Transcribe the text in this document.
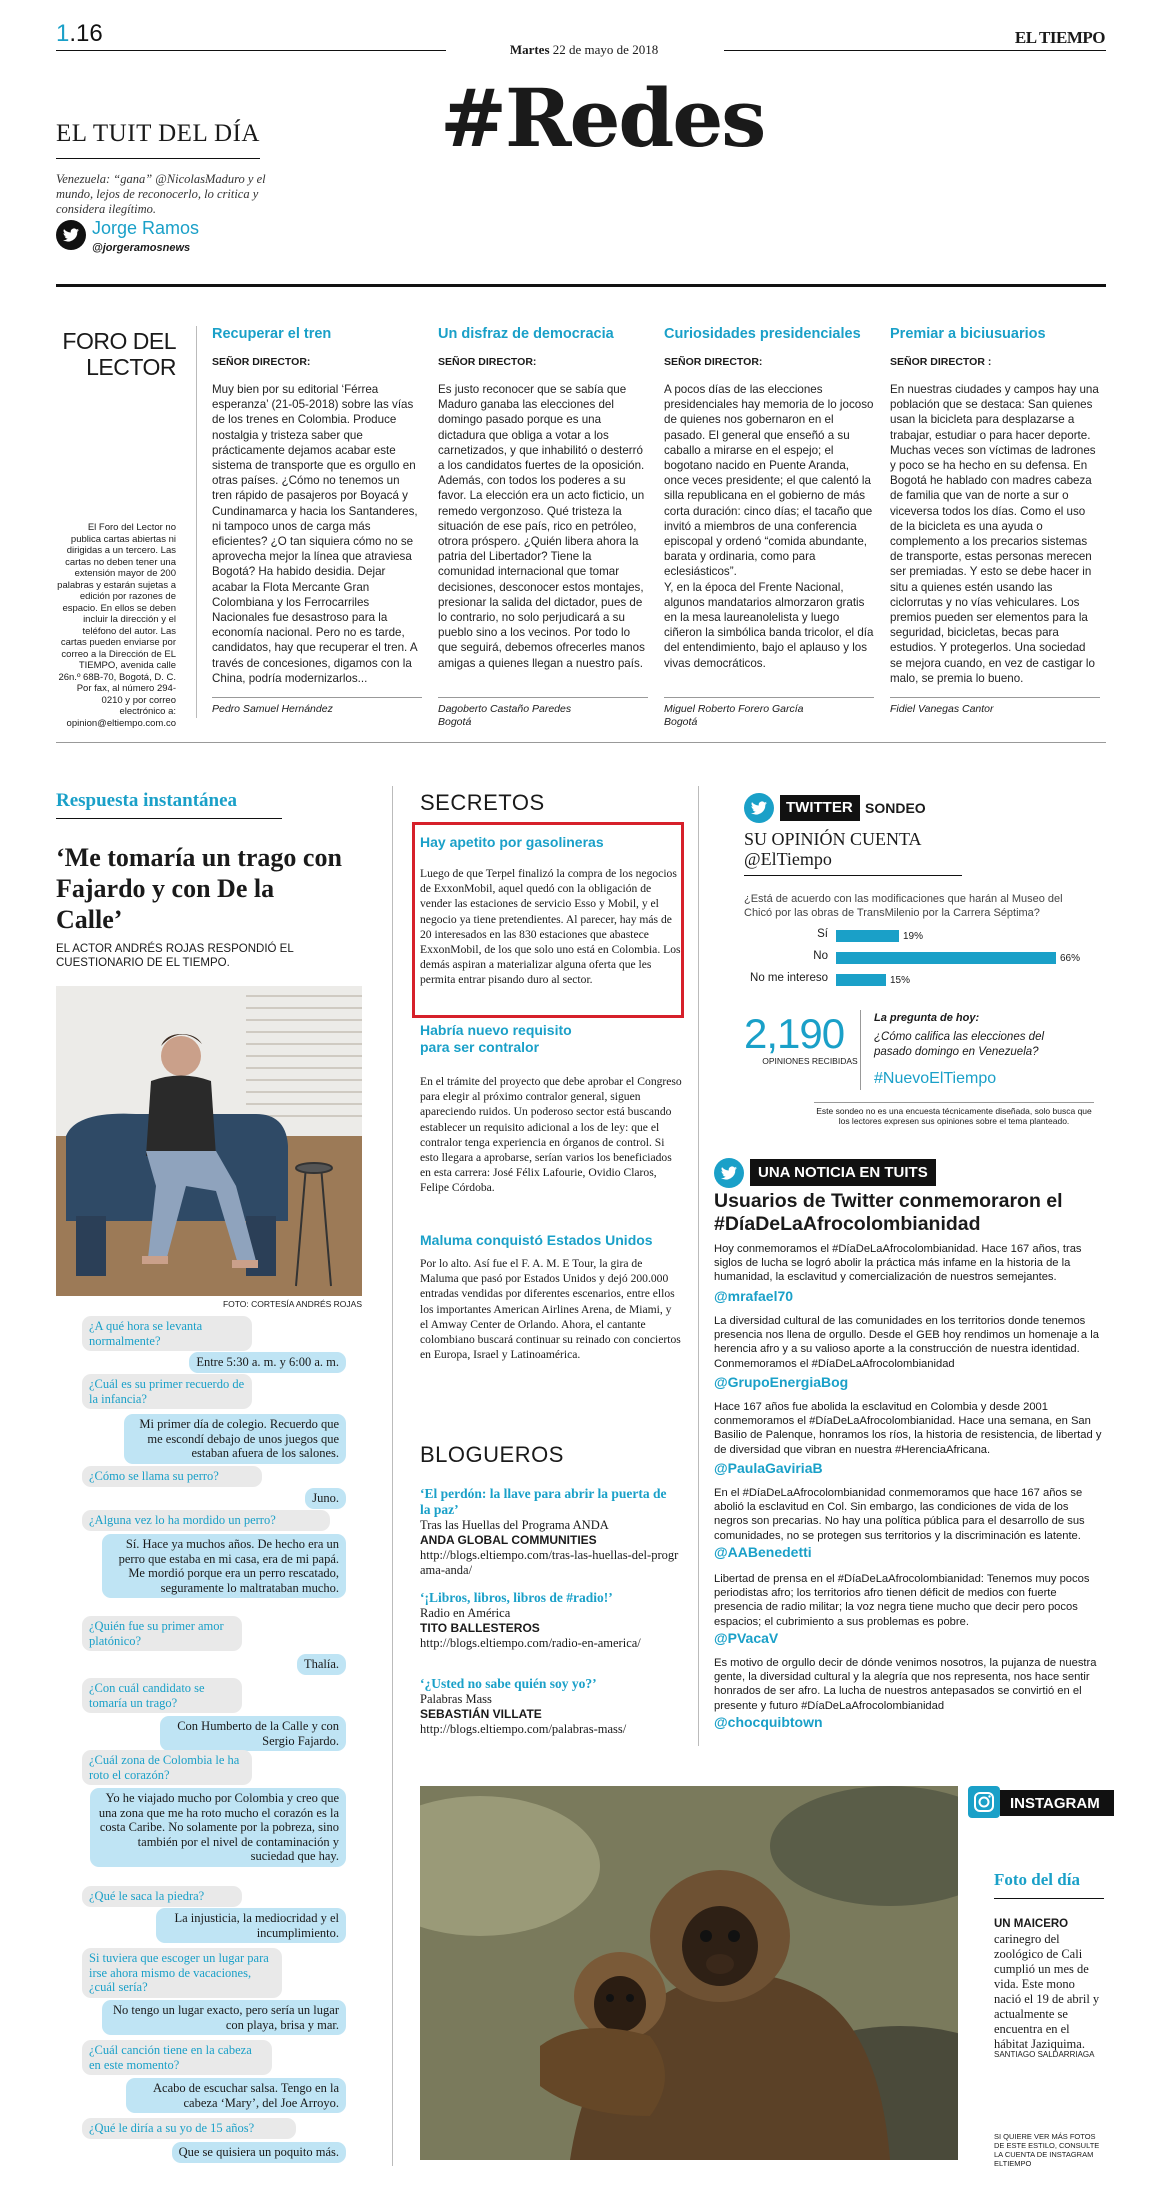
1.16
Martes 22 de mayo de 2018
EL TIEMPO
#Redes
EL TUIT DEL DÍA
Venezuela: “gana” @NicolasMaduro y el mundo, lejos de reconocerlo, lo critica y considera ilegítimo.
Jorge Ramos
@jorgeramosnews
FORO DEL
LECTOR
El Foro del Lector no publica cartas abiertas ni dirigidas a un tercero. Las cartas no deben tener una extensión mayor de 200 palabras y estarán sujetas a edición por razones de espacio. En ellos se deben incluir la dirección y el teléfono del autor. Las cartas pueden enviarse por correo a la Dirección de EL TIEMPO, avenida calle 26n.º 68B-70, Bogotá, D. C. Por fax, al número 294-0210 y por correo electrónico a: opinion@eltiempo.com.co
Recuperar el tren
SEÑOR DIRECTOR:

Muy bien por su editorial ‘Férrea esperanza’ (21-05-2018) sobre las vías de los trenes en Colombia. Produce nostalgia y tristeza saber que prácticamente dejamos acabar este sistema de transporte que es orgullo en otras países. ¿Cómo no tenemos un tren rápido de pasajeros por Boyacá y Cundinamarca y hacia los Santanderes, ni tampoco unos de carga más eficientes? ¿O tan siquiera cómo no se aprovecha mejor la línea que atraviesa Bogotá? Ha habido desidia. Dejar acabar la Flota Mercante Gran Colombiana y los Ferrocarriles Nacionales fue desastroso para la economía nacional. Pero no es tarde, candidatos, hay que recuperar el tren. A través de concesiones, digamos con la China, podría modernizarlos...

Pedro Samuel Hernández
Un disfraz de democracia
SEÑOR DIRECTOR:

Es justo reconocer que se sabía que Maduro ganaba las elecciones del domingo pasado porque es una dictadura que obliga a votar a los carnetizados, y que inhabilitó o desterró a los candidatos fuertes de la oposición. Además, con todos los poderes a su favor. La elección era un acto ficticio, un remedo vergonzoso. Qué tristeza la situación de ese país, rico en petróleo, otrora próspero. ¿Quién libera ahora la patria del Libertador? Tiene la comunidad internacional que tomar decisiones, desconocer estos montajes, presionar la salida del dictador, pues de lo contrario, no solo perjudicará a su pueblo sino a los vecinos. Por todo lo que seguirá, debemos ofrecerles manos amigas a quienes llegan a nuestro país.

Dagoberto Castaño Paredes
Bogotá
Curiosidades presidenciales
SEÑOR DIRECTOR:

A pocos días de las elecciones presidenciales hay memoria de lo jocoso de quienes nos gobernaron en el pasado. El general que enseñó a su caballo a mirarse en el espejo; el bogotano nacido en Puente Aranda, once veces presidente; el que calentó la silla republicana en el gobierno de más corta duración: cinco días; el tacaño que invitó a miembros de una conferencia episcopal y ordenó “comida abundante, barata y ordinaria, como para eclesiásticos”.
Y, en la época del Frente Nacional, algunos mandatarios almorzaron gratis en la mesa laureanolelista y luego ciñeron la simbólica banda tricolor, el día del entendimiento, bajo el aplauso y los vivas democráticos.

Miguel Roberto Forero García
Bogotá
Premiar a biciusuarios
SEÑOR DIRECTOR :

En nuestras ciudades y campos hay una población que se destaca: San quienes usan la bicicleta para desplazarse a trabajar, estudiar o para hacer deporte. Muchas veces son víctimas de ladrones y poco se ha hecho en su defensa. En Bogotá he hablado con madres cabeza de familia que van de norte a sur o viceversa todos los días. Como el uso de la bicicleta es una ayuda o complemento a los precarios sistemas de transporte, estas personas merecen ser premiadas. Y esto se debe hacer in situ a quienes estén usando las ciclorrutas y no vías vehiculares. Los premios pueden ser elementos para la seguridad, bicicletas, becas para estudios. Y protegerlos. Una sociedad se mejora cuando, en vez de castigar lo malo, se premia lo bueno.

Fidiel Vanegas Cantor
Respuesta instantánea
‘Me tomaría un trago con Fajardo y con De la Calle’
EL ACTOR ANDRÉS ROJAS RESPONDIÓ EL CUESTIONARIO DE EL TIEMPO.
FOTO: CORTESÍA ANDRÉS ROJAS
¿A qué hora se levanta normalmente?
Entre 5:30 a. m. y 6:00 a. m.
¿Cuál es su primer recuerdo de la infancia?
Mi primer día de colegio. Recuerdo que me escondí debajo de unos juegos que estaban afuera de los salones.
¿Cómo se llama su perro?
Juno.
¿Alguna vez lo ha mordido un perro?
Sí. Hace ya muchos años. De hecho era un perro que estaba en mi casa, era de mi papá. Me mordió porque era un perro rescatado, seguramente lo maltrataban mucho.
¿Quién fue su primer amor platónico?
Thalía.
¿Con cuál candidato se tomaría un trago?
Con Humberto de la Calle y con Sergio Fajardo.
¿Cuál zona de Colombia le ha roto el corazón?
Yo he viajado mucho por Colombia y creo que una zona que me ha roto mucho el corazón es la costa Caribe. No solamente por la pobreza, sino también por el nivel de contaminación y suciedad que hay.
¿Qué le saca la piedra?
La injusticia, la mediocridad y el incumplimiento.
Si tuviera que escoger un lugar para irse ahora mismo de vacaciones, ¿cuál sería?
No tengo un lugar exacto, pero sería un lugar con playa, brisa y mar.
¿Cuál canción tiene en la cabeza en este momento?
Acabo de escuchar salsa. Tengo en la cabeza ‘Mary’, del Joe Arroyo.
¿Qué le diría a su yo de 15 años?
Que se quisiera un poquito más.
SECRETOS
Hay apetito por gasolineras
Luego de que Terpel finalizó la compra de los negocios de ExxonMobil, aquel quedó con la obligación de vender las estaciones de servicio Esso y Mobil, y el negocio ya tiene pretendientes. Al parecer, hay más de 20 interesados en las 830 estaciones que abastece ExxonMobil, de los que solo uno está en Colombia. Los demás aspiran a materializar alguna oferta que les permita entrar pisando duro al sector.
Habría nuevo requisito para ser contralor
En el trámite del proyecto que debe aprobar el Congreso para elegir al próximo contralor general, siguen apareciendo ruidos. Un poderoso sector está buscando establecer un requisito adicional a los de ley: que el contralor tenga experiencia en órganos de control. Si esto llegara a aprobarse, serían varios los beneficiados en esta carrera: José Félix Lafourie, Ovidio Claros, Felipe Córdoba.
Maluma conquistó Estados Unidos
Por lo alto. Así fue el F. A. M. E Tour, la gira de Maluma que pasó por Estados Unidos y dejó 200.000 entradas vendidas por diferentes escenarios, entre ellos los importantes American Airlines Arena, de Miami, y el Amway Center de Orlando. Ahora, el cantante colombiano buscará continuar su reinado con conciertos en Europa, Israel y Latinoamérica.
BLOGUEROS
‘El perdón: la llave para abrir la puerta de la paz’
Tras las Huellas del Programa ANDA
ANDA GLOBAL COMMUNITIES
http://blogs.eltiempo.com/tras-las-huellas-del-programa-anda/
‘¡Libros, libros, libros de #radio!’
Radio en América
TITO BALLESTEROS
http://blogs.eltiempo.com/radio-en-america/
‘¿Usted no sabe quién soy yo?’
Palabras Mass
SEBASTIÁN VILLATE
http://blogs.eltiempo.com/palabras-mass/
TWITTER SONDEO
SU OPINIÓN CUENTA
@ElTiempo
¿Está de acuerdo con las modificaciones que harán al Museo del Chicó por las obras de TransMilenio por la Carrera Séptima?
Sí	19%
No	66%
No me intereso	15%
2,190
OPINIONES RECIBIDAS
La pregunta de hoy:
¿Cómo califica las elecciones del pasado domingo en Venezuela?
#NuevoElTiempo
Este sondeo no es una encuesta técnicamente diseñada, solo busca que los lectores expresen sus opiniones sobre el tema planteado.
UNA NOTICIA EN TUITS
Usuarios de Twitter conmemoraron el #DíaDeLaAfrocolombianidad
Hoy conmemoramos el #DíaDeLaAfrocolombianidad. Hace 167 años, tras siglos de lucha se logró abolir la práctica más infame en la historia de la humanidad, la esclavitud y comercialización de nuestros semejantes.
@mrafael70
La diversidad cultural de las comunidades en los territorios donde tenemos presencia nos llena de orgullo. Desde el GEB hoy rendimos un homenaje a la herencia afro y a su valioso aporte a la construcción de nuestra identidad. Conmemoramos el #DíaDeLaAfrocolombianidad
@GrupoEnergiaBog
Hace 167 años fue abolida la esclavitud en Colombia y desde 2001 conmemoramos el #DíaDeLaAfrocolombianidad. Hace una semana, en San Basilio de Palenque, honramos los ríos, la historia de resistencia, de libertad y de diversidad que vibran en nuestra #HerenciaAfricana.
@PaulaGaviriaB
En el #DíaDeLaAfrocolombianidad conmemoramos que hace 167 años se abolió la esclavitud en Col. Sin embargo, las condiciones de vida de los negros son precarias. No hay una política pública para el desarrollo de sus comunidades, no se protegen sus territorios y la discriminación es latente.
@AABenedetti
Libertad de prensa en el #DíaDeLaAfrocolombianidad: Tenemos muy pocos periodistas afro; los territorios afro tienen déficit de medios con fuerte presencia de radio militar; la voz negra tiene mucho que decir pero pocos espacios; el cubrimiento a sus problemas es pobre.
@PVacaV
Es motivo de orgullo decir de dónde venimos nosotros, la pujanza de nuestra gente, la diversidad cultural y la alegría que nos representa, nos hace sentir honrados de ser afro. La lucha de nuestros antepasados se convirtió en el presente y futuro #DíaDeLaAfrocolombianidad
@chocquibtown
INSTAGRAM
Foto del día
UN MAICERO carinegro del zoológico de Cali cumplió un mes de vida. Este mono nació el 19 de abril y actualmente se encuentra en el hábitat Jaziquima.
SANTIAGO SALDARRIAGA
SI QUIERE VER MÁS FOTOS DE ESTE ESTILO, CONSULTE LA CUENTA DE INSTAGRAM ELTIEMPO
